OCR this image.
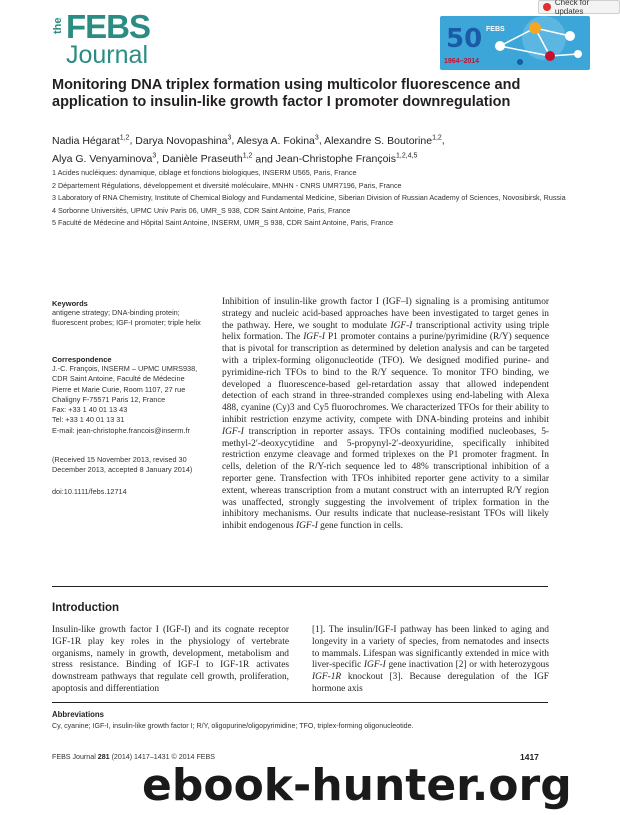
the FEBS
Journal
Check for updates
50 FEBS
1964–2014
Monitoring DNA triplex formation using multicolor fluorescence and application to insulin-like growth factor I promoter downregulation
Nadia Hégarat$^{1,2}$, Darya Novopashina$^3$, Alesya A. Fokina$^3$, Alexandre S. Boutorine$^{1,2}$,
Alya G. Venyaminova$^3$, Danièle Praseuth$^{1,2}$ and Jean-Christophe François$^{1,2,4,5}$
1 Acides nucléiques: dynamique, ciblage et fonctions biologiques, INSERM U565, Paris, France
2 Département Régulations, développement et diversité moléculaire, MNHN - CNRS UMR7196, Paris, France
3 Laboratory of RNA Chemistry, Institute of Chemical Biology and Fundamental Medicine, Siberian Division of Russian Academy of Sciences, Novosibirsk, Russia
4 Sorbonne Universités, UPMC Univ Paris 06, UMR_S 938, CDR Saint Antoine, Paris, France
5 Faculté de Médecine and Hôpital Saint Antoine, INSERM, UMR_S 938, CDR Saint Antoine, Paris, France
Keywords
antigene strategy; DNA-binding protein; fluorescent probes; IGF-I promoter; triple helix
Correspondence
J.-C. François, INSERM – UPMC UMRS938,
CDR Saint Antoine, Faculté de Médecine
Pierre et Marie Curie, Room 1107, 27 rue
Chaligny F-75571 Paris 12, France
Fax: +33 1 40 01 13 43
Tel: +33 1 40 01 13 31
E-mail: jean-christophe.francois@inserm.fr
(Received 15 November 2013, revised 30 December 2013, accepted 8 January 2014)
doi:10.1111/febs.12714
Inhibition of insulin-like growth factor I (IGF–I) signaling is a promising antitumor strategy and nucleic acid-based approaches have been investigated to target genes in the pathway. Here, we sought to modulate IGF-I transcriptional activity using triple helix formation. The IGF-I P1 promoter contains a purine/pyrimidine (R/Y) sequence that is pivotal for transcription as determined by deletion analysis and can be targeted with a triplex-forming oligonucleotide (TFO). We designed modified purine- and pyrimidine-rich TFOs to bind to the R/Y sequence. To monitor TFO binding, we developed a fluorescence-based gel-retardation assay that allowed independent detection of each strand in three-stranded complexes using end-labeling with Alexa 488, cyanine (Cy)3 and Cy5 fluorochromes. We characterized TFOs for their ability to inhibit restriction enzyme activity, compete with DNA-binding proteins and inhibit IGF-I transcription in reporter assays. TFOs containing modified nucleobases, 5-methyl-2′-deoxycytidine and 5-propynyl-2′-deoxyuridine, specifically inhibited restriction enzyme cleavage and formed triplexes on the P1 promoter fragment. In cells, deletion of the R/Y-rich sequence led to 48% transcriptional inhibition of a reporter gene. Transfection with TFOs inhibited reporter gene activity to a similar extent, whereas transcription from a mutant construct with an interrupted R/Y region was unaffected, strongly suggesting the involvement of triplex formation in the inhibitory mechanisms. Our results indicate that nuclease-resistant TFOs will likely inhibit endogenous IGF-I gene function in cells.
Introduction
Insulin-like growth factor I (IGF-I) and its cognate receptor IGF-1R play key roles in the physiology of vertebrate organisms, namely in growth, development, metabolism and stress resistance. Binding of IGF-I to IGF-1R activates downstream pathways that regulate cell growth, proliferation, apoptosis and differentiation
[1]. The insulin/IGF-I pathway has been linked to aging and longevity in a variety of species, from nematodes and insects to mammals. Lifespan was significantly extended in mice with liver-specific IGF-I gene inactivation [2] or with heterozygous IGF-1R knockout [3]. Because deregulation of the IGF hormone axis
Abbreviations
Cy, cyanine; IGF-I, insulin-like growth factor I; R/Y, oligopurine/oligopyrimidine; TFO, triplex-forming oligonucleotide.
FEBS Journal 281 (2014) 1417–1431 © 2014 FEBS	1417
ebook-hunter.org
